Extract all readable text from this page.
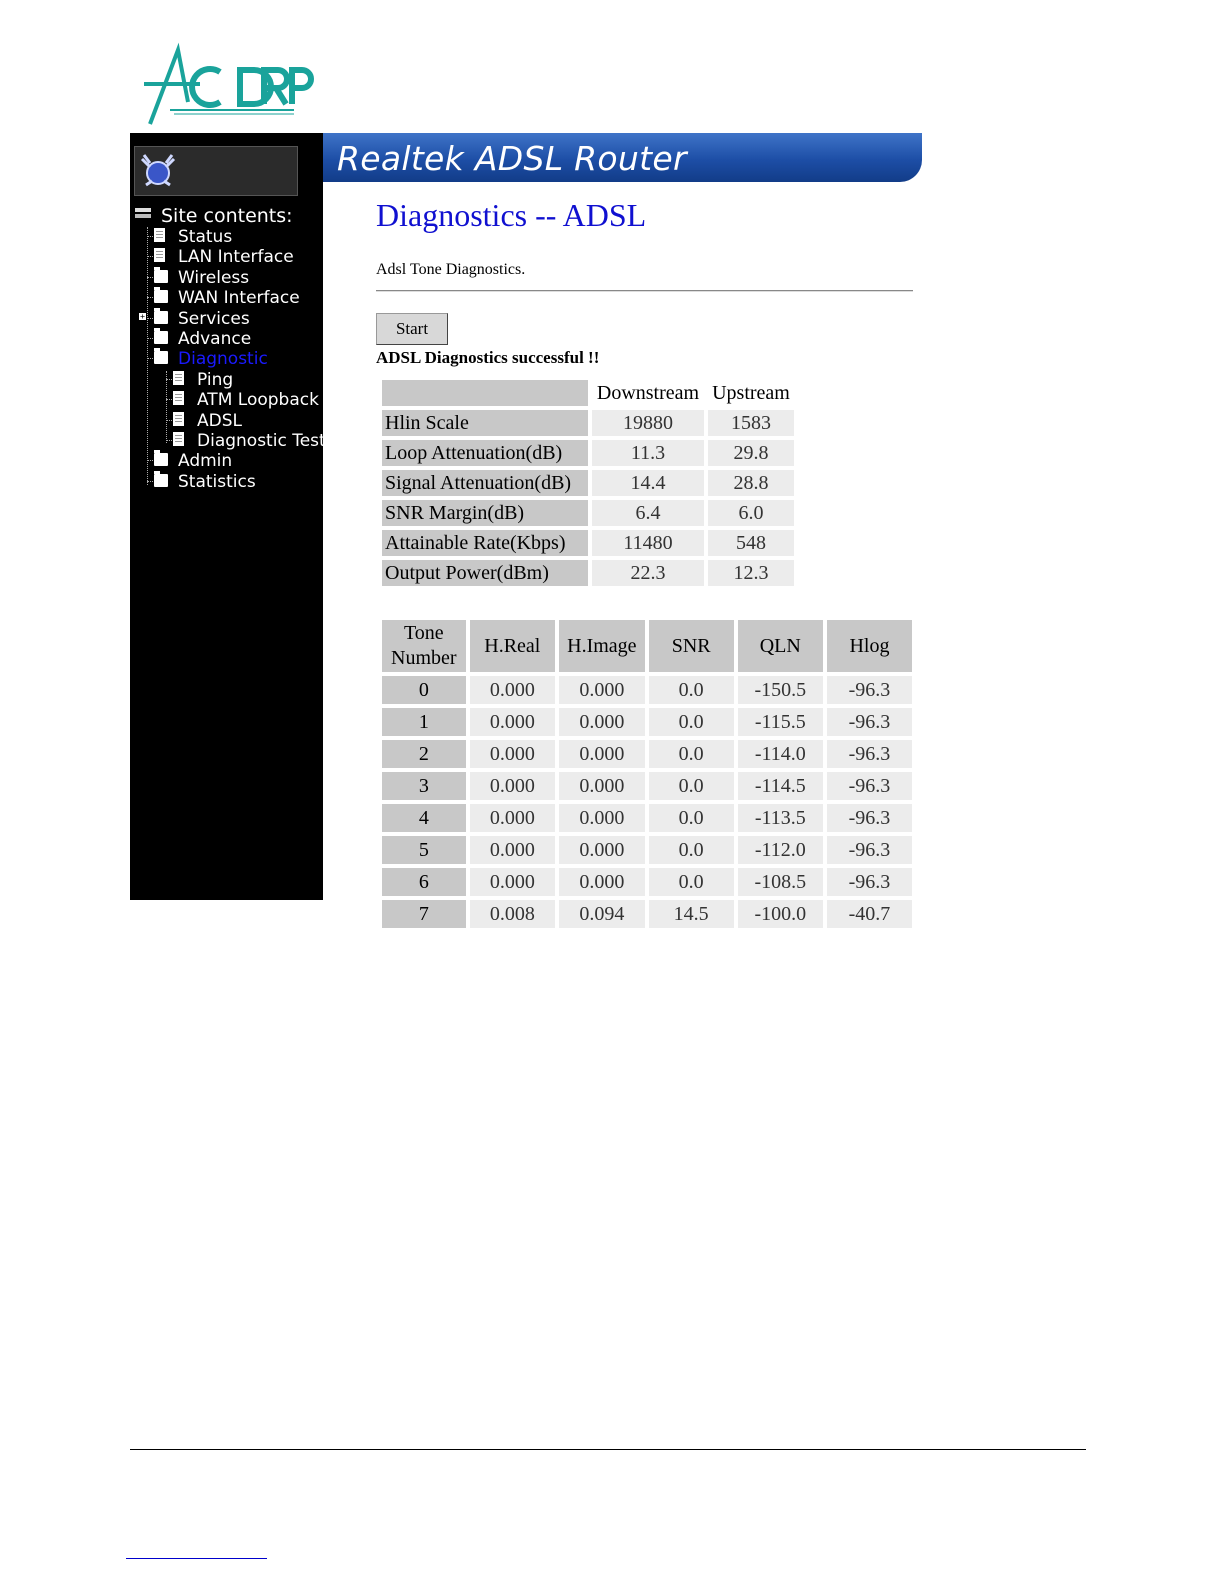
Site contents:
Status
LAN Interface
Wireless
WAN Interface
+ Services
Advance
Diagnostic
Ping
ATM Loopback
ADSL
Diagnostic Test
Admin
Statistics
Realtek ADSL Router
Diagnostics -- ADSL
Adsl Tone Diagnostics.
Start
ADSL Diagnostics successful !!
	Downstream	Upstream
Hlin Scale	19880	1583
Loop Attenuation(dB)	11.3	29.8
Signal Attenuation(dB)	14.4	28.8
SNR Margin(dB)	6.4	6.0
Attainable Rate(Kbps)	11480	548
Output Power(dBm)	22.3	12.3
Tone
Number	H.Real	H.Image	SNR	QLN	Hlog
0	0.000	0.000	0.0	-150.5	-96.3
1	0.000	0.000	0.0	-115.5	-96.3
2	0.000	0.000	0.0	-114.0	-96.3
3	0.000	0.000	0.0	-114.5	-96.3
4	0.000	0.000	0.0	-113.5	-96.3
5	0.000	0.000	0.0	-112.0	-96.3
6	0.000	0.000	0.0	-108.5	-96.3
7	0.008	0.094	14.5	-100.0	-40.7
